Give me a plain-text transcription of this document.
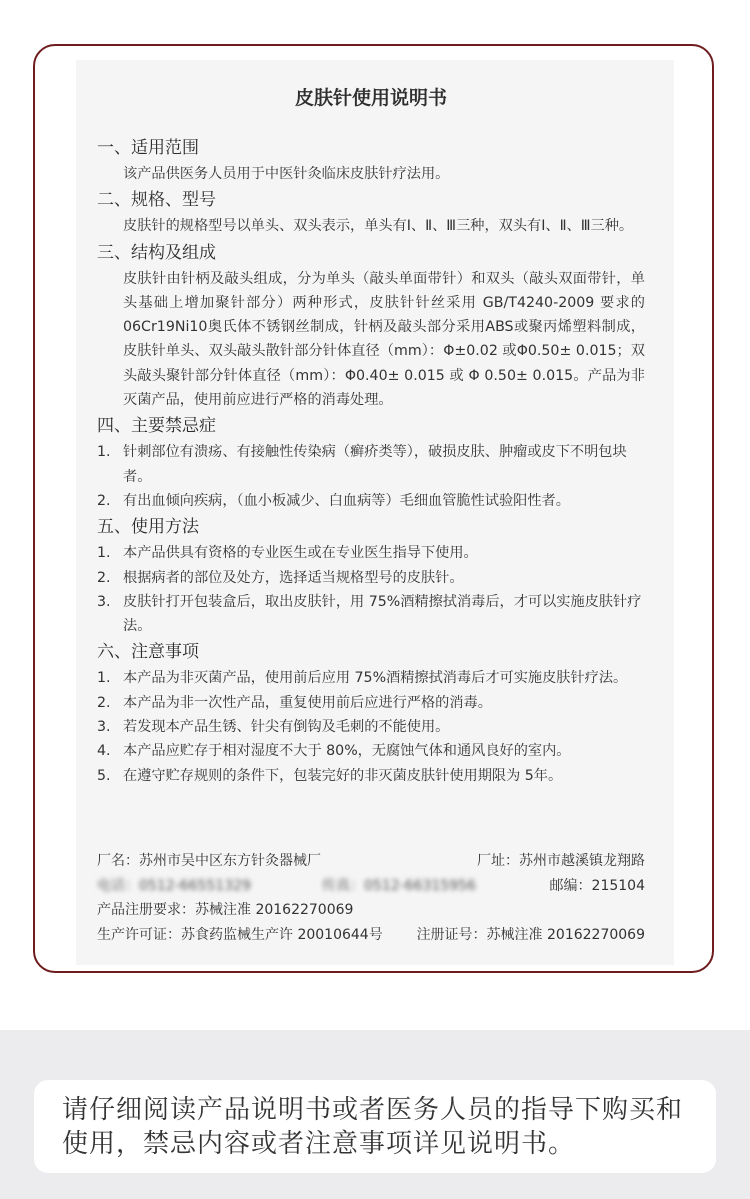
皮肤针使用说明书
一、适用范围
该产品供医务人员用于中医针灸临床皮肤针疗法用。
二、规格、型号
皮肤针的规格型号以单头、双头表示，单头有Ⅰ、Ⅱ、Ⅲ三种，双头有Ⅰ、Ⅱ、Ⅲ三种。
三、结构及组成
皮肤针由针柄及敲头组成，分为单头（敲头单面带针）和双头（敲头双面带针，单头基础上增加聚针部分）两种形式，皮肤针针丝采用 GB/T4240-2009 要求的 06Cr19Ni10奥氏体不锈钢丝制成，针柄及敲头部分采用ABS或聚丙烯塑料制成，皮肤针单头、双头敲头散针部分针体直径（mm）：Φ±0.02 或Φ0.50± 0.015；双头敲头聚针部分针体直径（mm）：Φ0.40± 0.015 或 Φ 0.50± 0.015。产品为非灭菌产品，使用前应进行严格的消毒处理。
四、主要禁忌症
1. 针刺部位有溃疡、有接触性传染病（癣疥类等），破损皮肤、肿瘤或皮下不明包块者。
2. 有出血倾向疾病，（血小板减少、白血病等）毛细血管脆性试验阳性者。
五、使用方法
1. 本产品供具有资格的专业医生或在专业医生指导下使用。
2. 根据病者的部位及处方，选择适当规格型号的皮肤针。
3. 皮肤针打开包装盒后，取出皮肤针，用 75%酒精擦拭消毒后，才可以实施皮肤针疗法。
六、注意事项
1. 本产品为非灭菌产品，使用前后应用 75%酒精擦拭消毒后才可实施皮肤针疗法。
2. 本产品为非一次性产品，重复使用前后应进行严格的消毒。
3. 若发现本产品生锈、针尖有倒钩及毛刺的不能使用。
4. 本产品应贮存于相对湿度不大于 80%，无腐蚀气体和通风良好的室内。
5. 在遵守贮存规则的条件下，包装完好的非灭菌皮肤针使用期限为 5年。
厂名：苏州市吴中区东方针灸器械厂	厂址：苏州市越溪镇龙翔路
电话：0512-66551329	传真：0512-66315956	邮编：215104
产品注册要求：苏械注准 20162270069
生产许可证：苏食药监械生产许 20010644号 注册证号：苏械注准 20162270069
请仔细阅读产品说明书或者医务人员的指导下购买和使用，禁忌内容或者注意事项详见说明书。
